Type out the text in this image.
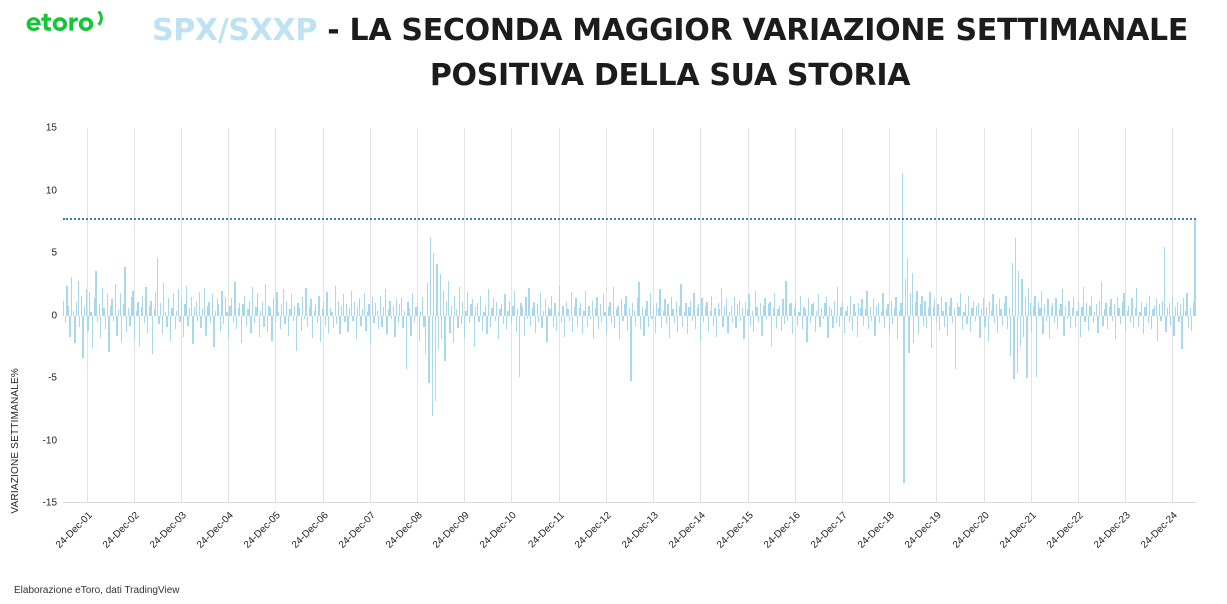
SPX/SXXP - LA SECONDA MAGGIOR VARIAZIONE SETTIMANALE
POSITIVA DELLA SUA STORIA
VARIAZIONE SETTIMANALE%
15
10
5
0
-5
-10
-15
24-Dec-01 24-Dec-02 24-Dec-03 24-Dec-04 24-Dec-05 24-Dec-06 24-Dec-07 24-Dec-08 24-Dec-09 24-Dec-10 24-Dec-11 24-Dec-12 24-Dec-13 24-Dec-14 24-Dec-15 24-Dec-16 24-Dec-17 24-Dec-18 24-Dec-19 24-Dec-20 24-Dec-21 24-Dec-22 24-Dec-23 24-Dec-24
Elaborazione eToro, dati TradingView
